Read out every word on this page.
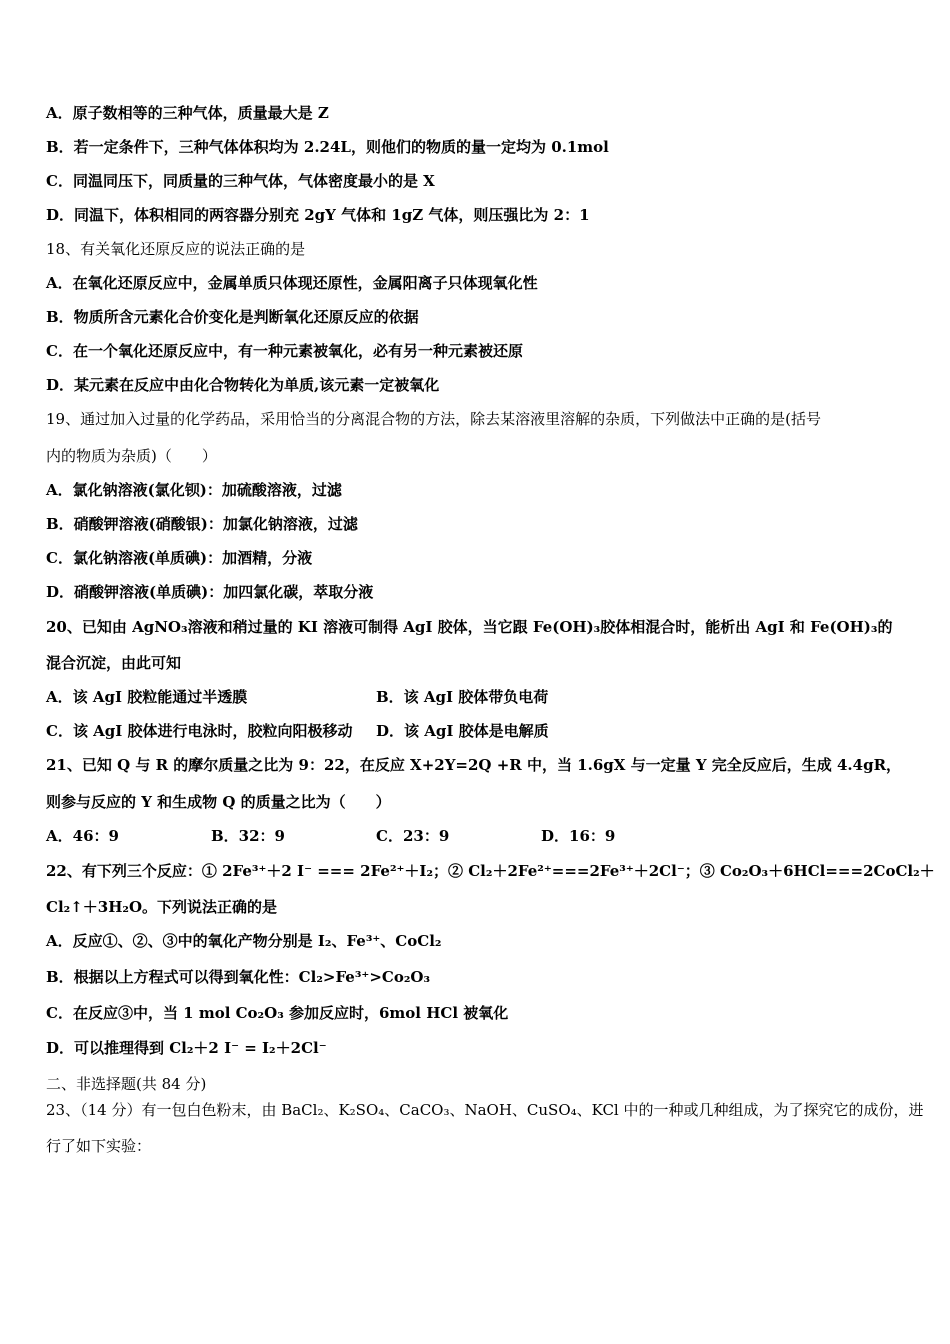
A．原子数相等的三种气体，质量最大是 Z
B．若一定条件下，三种气体体积均为 2.24L，则他们的物质的量一定均为 0.1mol
C．同温同压下，同质量的三种气体，气体密度最小的是 X
D．同温下，体积相同的两容器分别充 2gY 气体和 1gZ 气体，则压强比为 2：1
18、有关氧化还原反应的说法正确的是
A．在氧化还原反应中，金属单质只体现还原性，金属阳离子只体现氧化性
B．物质所含元素化合价变化是判断氧化还原反应的依据
C．在一个氧化还原反应中，有一种元素被氧化，必有另一种元素被还原
D．某元素在反应中由化合物转化为单质,该元素一定被氧化
19、通过加入过量的化学药品，采用恰当的分离混合物的方法，除去某溶液里溶解的杂质，下列做法中正确的是(括号
内的物质为杂质)（　　）
A．氯化钠溶液(氯化钡)：加硫酸溶液，过滤
B．硝酸钾溶液(硝酸银)：加氯化钠溶液，过滤
C．氯化钠溶液(单质碘)：加酒精，分液
D．硝酸钾溶液(单质碘)：加四氯化碳，萃取分液
20、已知由 AgNO₃溶液和稍过量的 KI 溶液可制得 AgI 胶体，当它跟 Fe(OH)₃胶体相混合时，能析出 AgI 和 Fe(OH)₃的
混合沉淀，由此可知
A．该 AgI 胶粒能通过半透膜	B．该 AgI 胶体带负电荷
C．该 AgI 胶体进行电泳时，胶粒向阳极移动 D．该 AgI 胶体是电解质
21、已知 Q 与 R 的摩尔质量之比为 9：22，在反应 X+2Y=2Q +R 中，当 1.6gX 与一定量 Y 完全反应后，生成 4.4gR，
则参与反应的 Y 和生成物 Q 的质量之比为（　　）
A．46：9	B．32：9	C．23：9	D．16：9
22、有下列三个反应：① 2Fe³⁺＋2 I⁻ === 2Fe²⁺＋I₂；② Cl₂＋2Fe²⁺===2Fe³⁺＋2Cl⁻；③ Co₂O₃＋6HCl===2CoCl₂＋
Cl₂↑＋3H₂O。下列说法正确的是
A．反应①、②、③中的氧化产物分别是 I₂、Fe³⁺、CoCl₂
B．根据以上方程式可以得到氧化性：Cl₂>Fe³⁺>Co₂O₃
C．在反应③中，当 1 mol Co₂O₃ 参加反应时，6mol HCl 被氧化
D．可以推理得到 Cl₂＋2 I⁻ = I₂＋2Cl⁻
二、非选择题(共 84 分)
23、（14 分）有一包白色粉末，由 BaCl₂、K₂SO₄、CaCO₃、NaOH、CuSO₄、KCl 中的一种或几种组成，为了探究它的成份，进
行了如下实验：
